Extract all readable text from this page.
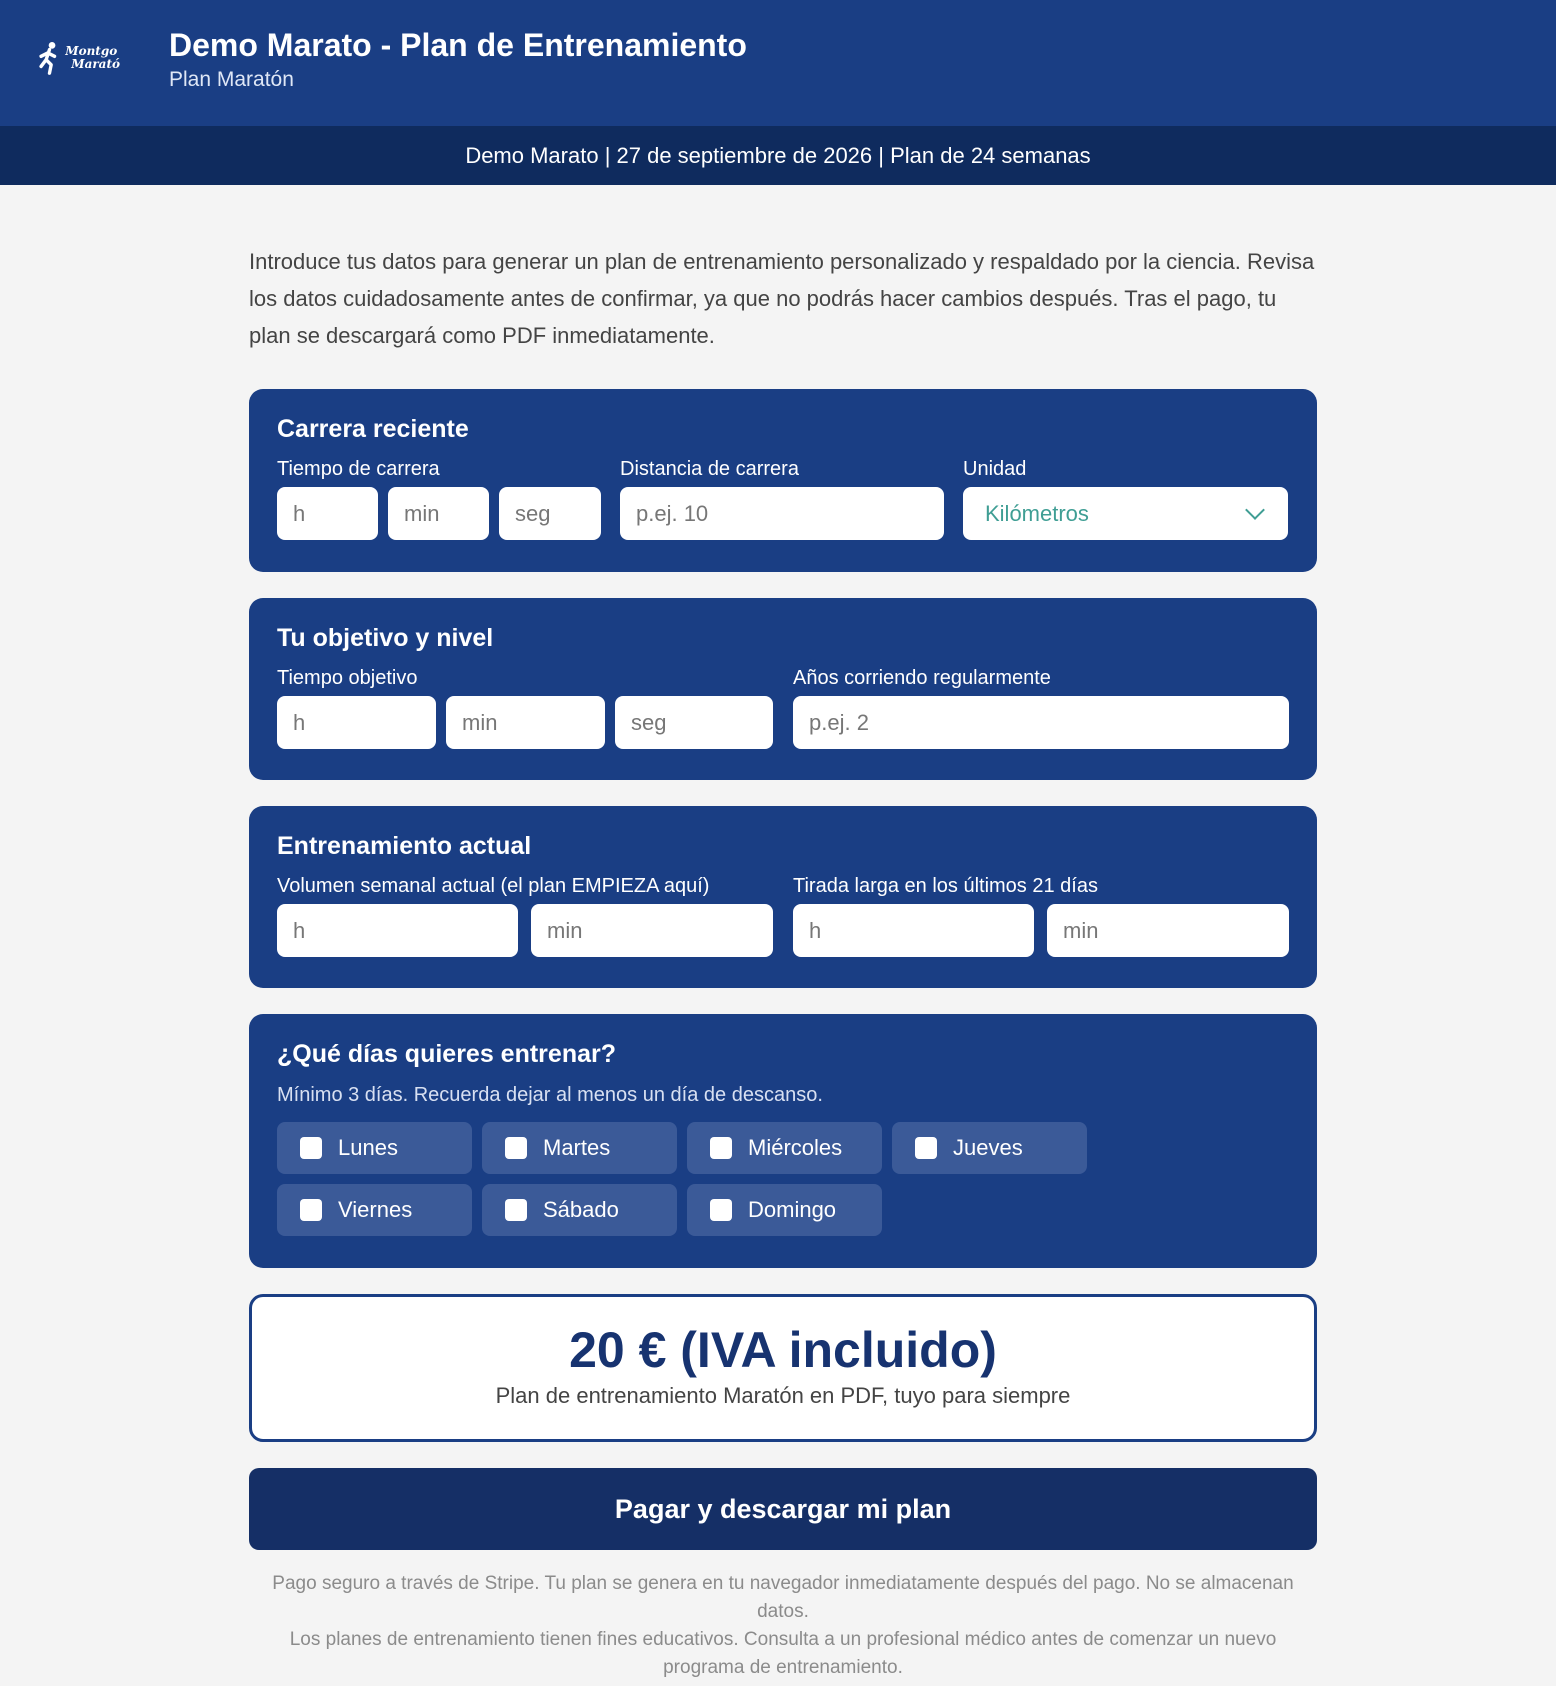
Montgo
Marató
Demo Marato - Plan de Entrenamiento
Plan Maratón
Demo Marato | 27 de septiembre de 2026 | Plan de 24 semanas

Introduce tus datos para generar un plan de entrenamiento personalizado y respaldado por la ciencia. Revisa los datos cuidadosamente antes de confirmar, ya que no podrás hacer cambios después. Tras el pago, tu plan se descargará como PDF inmediatamente.

Carrera reciente
Tiempo de carrera
h	min	seg
Distancia de carrera
p.ej. 10
Unidad
Kilómetros
Tu objetivo y nivel
Tiempo objetivo
h	min	seg
Años corriendo regularmente
p.ej. 2
Entrenamiento actual
Volumen semanal actual (el plan EMPIEZA aquí)
h	min
Tirada larga en los últimos 21 días
h	min
¿Qué días quieres entrenar?
Mínimo 3 días. Recuerda dejar al menos un día de descanso.
Lunes	Martes	Miércoles	Jueves
Viernes	Sábado	Domingo
20 € (IVA incluido)
Plan de entrenamiento Maratón en PDF, tuyo para siempre
Pagar y descargar mi plan
Pago seguro a través de Stripe. Tu plan se genera en tu navegador inmediatamente después del pago. No se almacenan datos.
Los planes de entrenamiento tienen fines educativos. Consulta a un profesional médico antes de comenzar un nuevo programa de entrenamiento.
